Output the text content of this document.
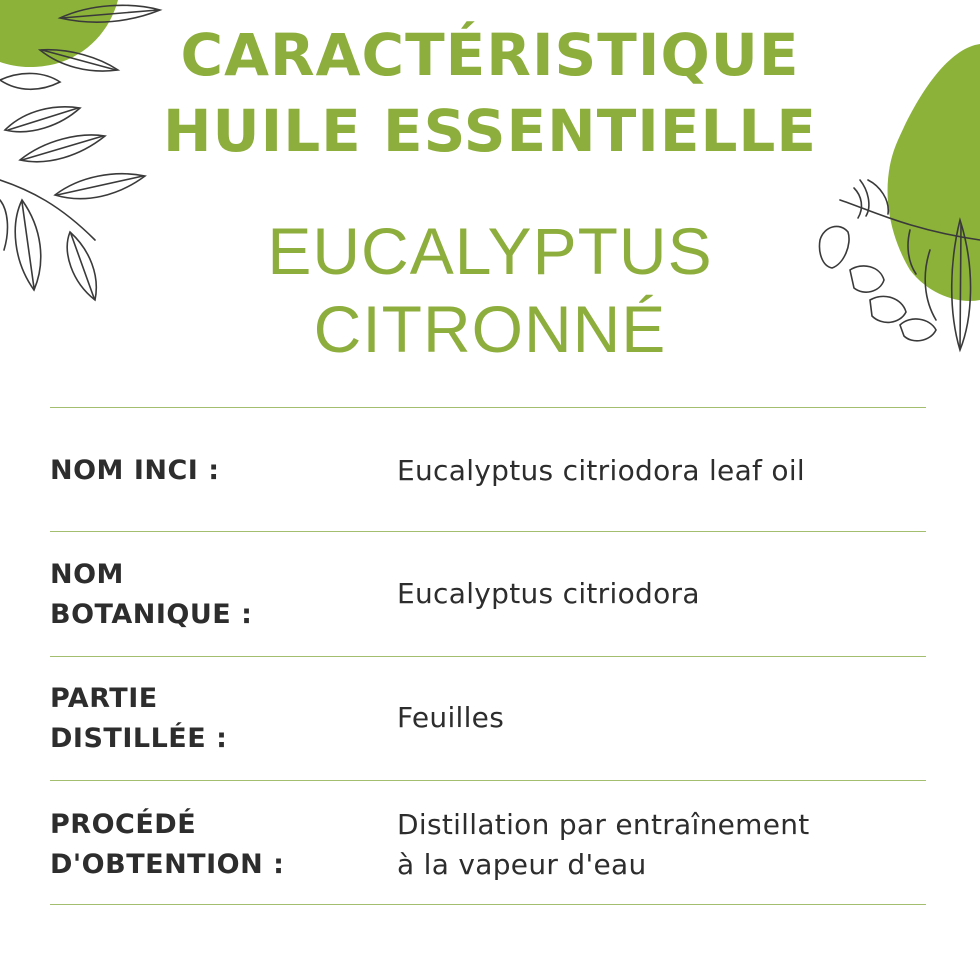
CARACTÉRISTIQUE
HUILE ESSENTIELLE
EUCALYPTUS
CITRONNÉ
NOM INCI :	Eucalyptus citriodora leaf oil
NOM
BOTANIQUE :
Eucalyptus citriodora
PARTIE
DISTILLÉE :
Feuilles
PROCÉDÉ
D'OBTENTION :
Distillation par entraînement
à la vapeur d'eau
